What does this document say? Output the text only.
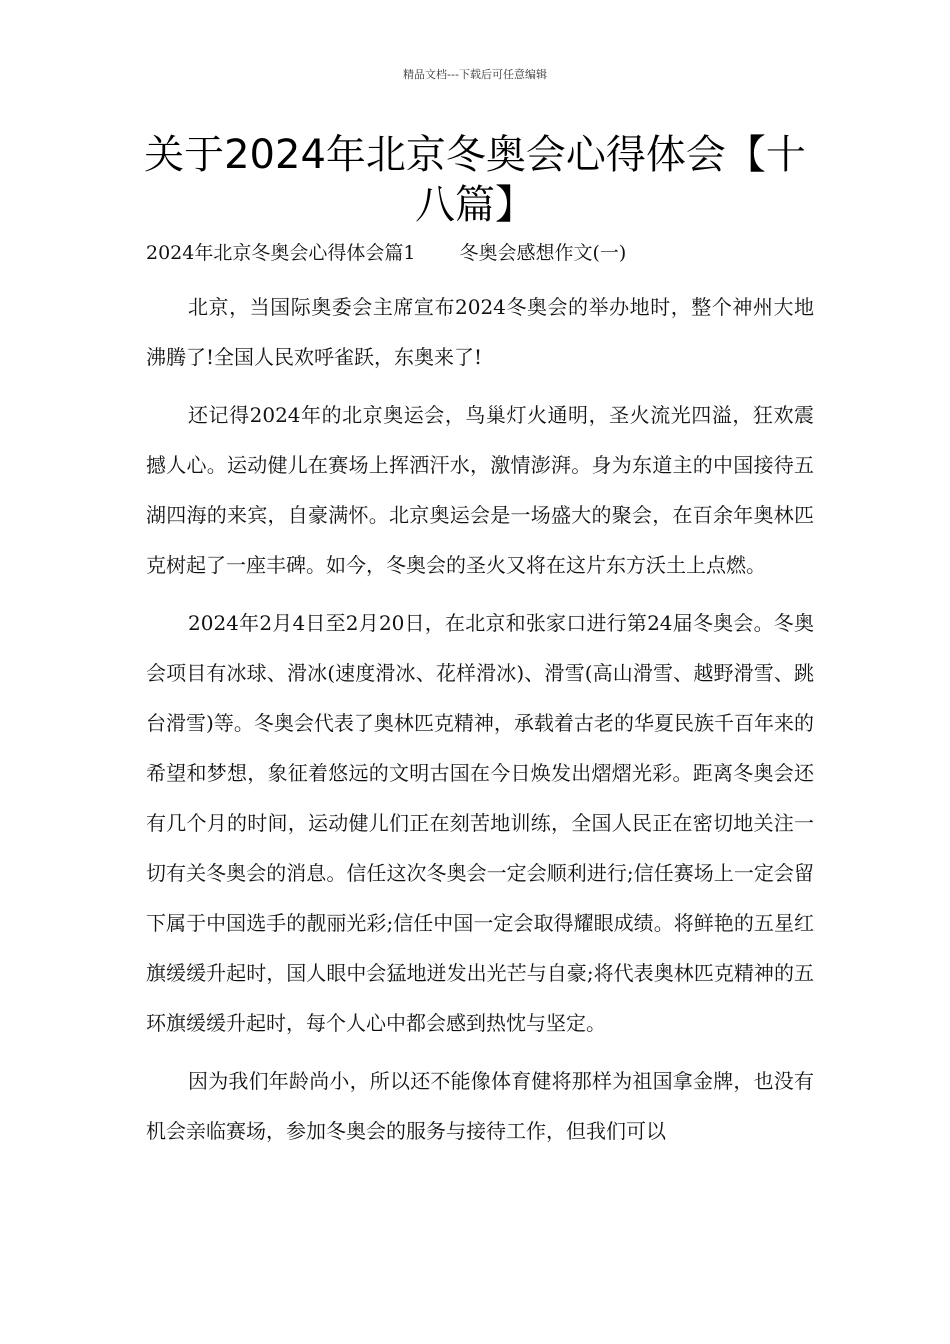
精品文档---下载后可任意编辑
关于2024年北京冬奥会心得体会【十八篇】
2024年北京冬奥会心得体会篇1 冬奥会感想作文(一)

北京，当国际奥委会主席宣布2024冬奥会的举办地时，整个神州大地沸腾了!全国人民欢呼雀跃，东奥来了!

还记得2024年的北京奥运会，鸟巢灯火通明，圣火流光四溢，狂欢震撼人心。运动健儿在赛场上挥洒汗水，激情澎湃。身为东道主的中国接待五湖四海的来宾，自豪满怀。北京奥运会是一场盛大的聚会，在百余年奥林匹克树起了一座丰碑。如今，冬奥会的圣火又将在这片东方沃土上点燃。

2024年2月4日至2月20日，在北京和张家口进行第24届冬奥会。冬奥会项目有冰球、滑冰(速度滑冰、花样滑冰)、滑雪(高山滑雪、越野滑雪、跳台滑雪)等。冬奥会代表了奥林匹克精神，承载着古老的华夏民族千百年来的希望和梦想，象征着悠远的文明古国在今日焕发出熠熠光彩。距离冬奥会还有几个月的时间，运动健儿们正在刻苦地训练，全国人民正在密切地关注一切有关冬奥会的消息。信任这次冬奥会一定会顺利进行;信任赛场上一定会留下属于中国选手的靓丽光彩;信任中国一定会取得耀眼成绩。将鲜艳的五星红旗缓缓升起时，国人眼中会猛地迸发出光芒与自豪;将代表奥林匹克精神的五环旗缓缓升起时，每个人心中都会感到热忱与坚定。

因为我们年龄尚小，所以还不能像体育健将那样为祖国拿金牌，也没有机会亲临赛场，参加冬奥会的服务与接待工作，但我们可以
